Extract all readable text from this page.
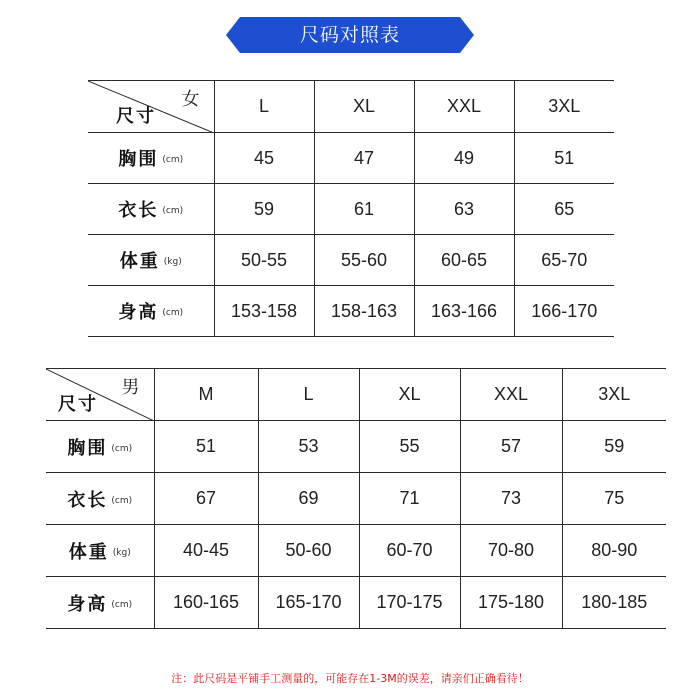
尺码对照表
女
尺寸	L	XL	XXL	3XL
胸围 (cm)	45	47	49	51
衣长 (cm)	59	61	63	65
体重 (kg)	50-55	55-60	60-65	65-70
身高 (cm)	153-158	158-163	163-166	166-170
男
尺寸	M	L	XL	XXL	3XL
胸围 (cm)	51	53	55	57	59
衣长 (cm)	67	69	71	73	75
体重 (kg)	40-45	50-60	60-70	70-80	80-90
身高 (cm)	160-165	165-170	170-175	175-180	180-185
注：此尺码是平铺手工测量的，可能存在1-3M的误差，请亲们正确看待！
